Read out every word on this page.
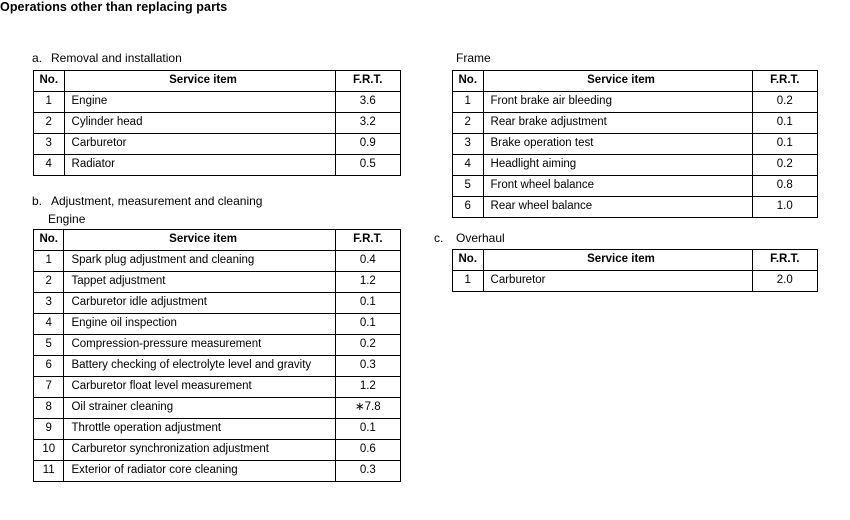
Operations other than replacing parts
a. Removal and installation
No.	Service item	F.R.T.
1	Engine	3.6
2	Cylinder head	3.2
3	Carburetor	0.9
4	Radiator	0.5
b. Adjustment, measurement and cleaning
Engine
No.	Service item	F.R.T.
1	Spark plug adjustment and cleaning	0.4
2	Tappet adjustment	1.2
3	Carburetor idle adjustment	0.1
4	Engine oil inspection	0.1
5	Compression-pressure measurement	0.2
6	Battery checking of electrolyte level and gravity	0.3
7	Carburetor float level measurement	1.2
8	Oil strainer cleaning	∗7.8
9	Throttle operation adjustment	0.1
10	Carburetor synchronization adjustment	0.6
11	Exterior of radiator core cleaning	0.3
Frame
No.	Service item	F.R.T.
1	Front brake air bleeding	0.2
2	Rear brake adjustment	0.1
3	Brake operation test	0.1
4	Headlight aiming	0.2
5	Front wheel balance	0.8
6	Rear wheel balance	1.0
c. Overhaul
No.	Service item	F.R.T.
1	Carburetor	2.0
